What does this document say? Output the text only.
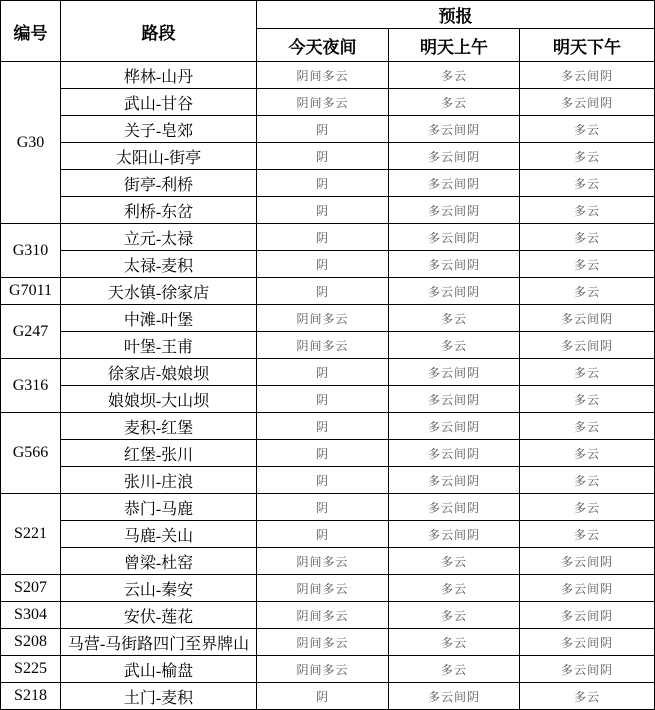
编号	路段	预报		
		今天夜间	明天上午	明天下午
G30	桦林-山丹	阴间多云	多云	多云间阴
	武山-甘谷	阴间多云	多云	多云间阴
	关子-皂郊	阴	多云间阴	多云
	太阳山-街亭	阴	多云间阴	多云
	街亭-利桥	阴	多云间阴	多云
	利桥-东岔	阴	多云间阴	多云
G310	立元-太禄	阴	多云间阴	多云
	太禄-麦积	阴	多云间阴	多云
G7011	天水镇-徐家店	阴	多云间阴	多云
G247	中滩-叶堡	阴间多云	多云	多云间阴
	叶堡-王甫	阴间多云	多云	多云间阴
G316	徐家店-娘娘坝	阴	多云间阴	多云
	娘娘坝-大山坝	阴	多云间阴	多云
G566	麦积-红堡	阴	多云间阴	多云
	红堡-张川	阴	多云间阴	多云
	张川-庄浪	阴	多云间阴	多云
S221	恭门-马鹿	阴	多云间阴	多云
	马鹿-关山	阴	多云间阴	多云
	曾梁-杜窑	阴间多云	多云	多云间阴
S207	云山-秦安	阴间多云	多云	多云间阴
S304	安伏-莲花	阴间多云	多云	多云间阴
S208	马营-马街路四门至界牌山	阴间多云	多云	多云间阴
S225	武山-榆盘	阴间多云	多云	多云间阴
S218	土门-麦积	阴	多云间阴	多云
